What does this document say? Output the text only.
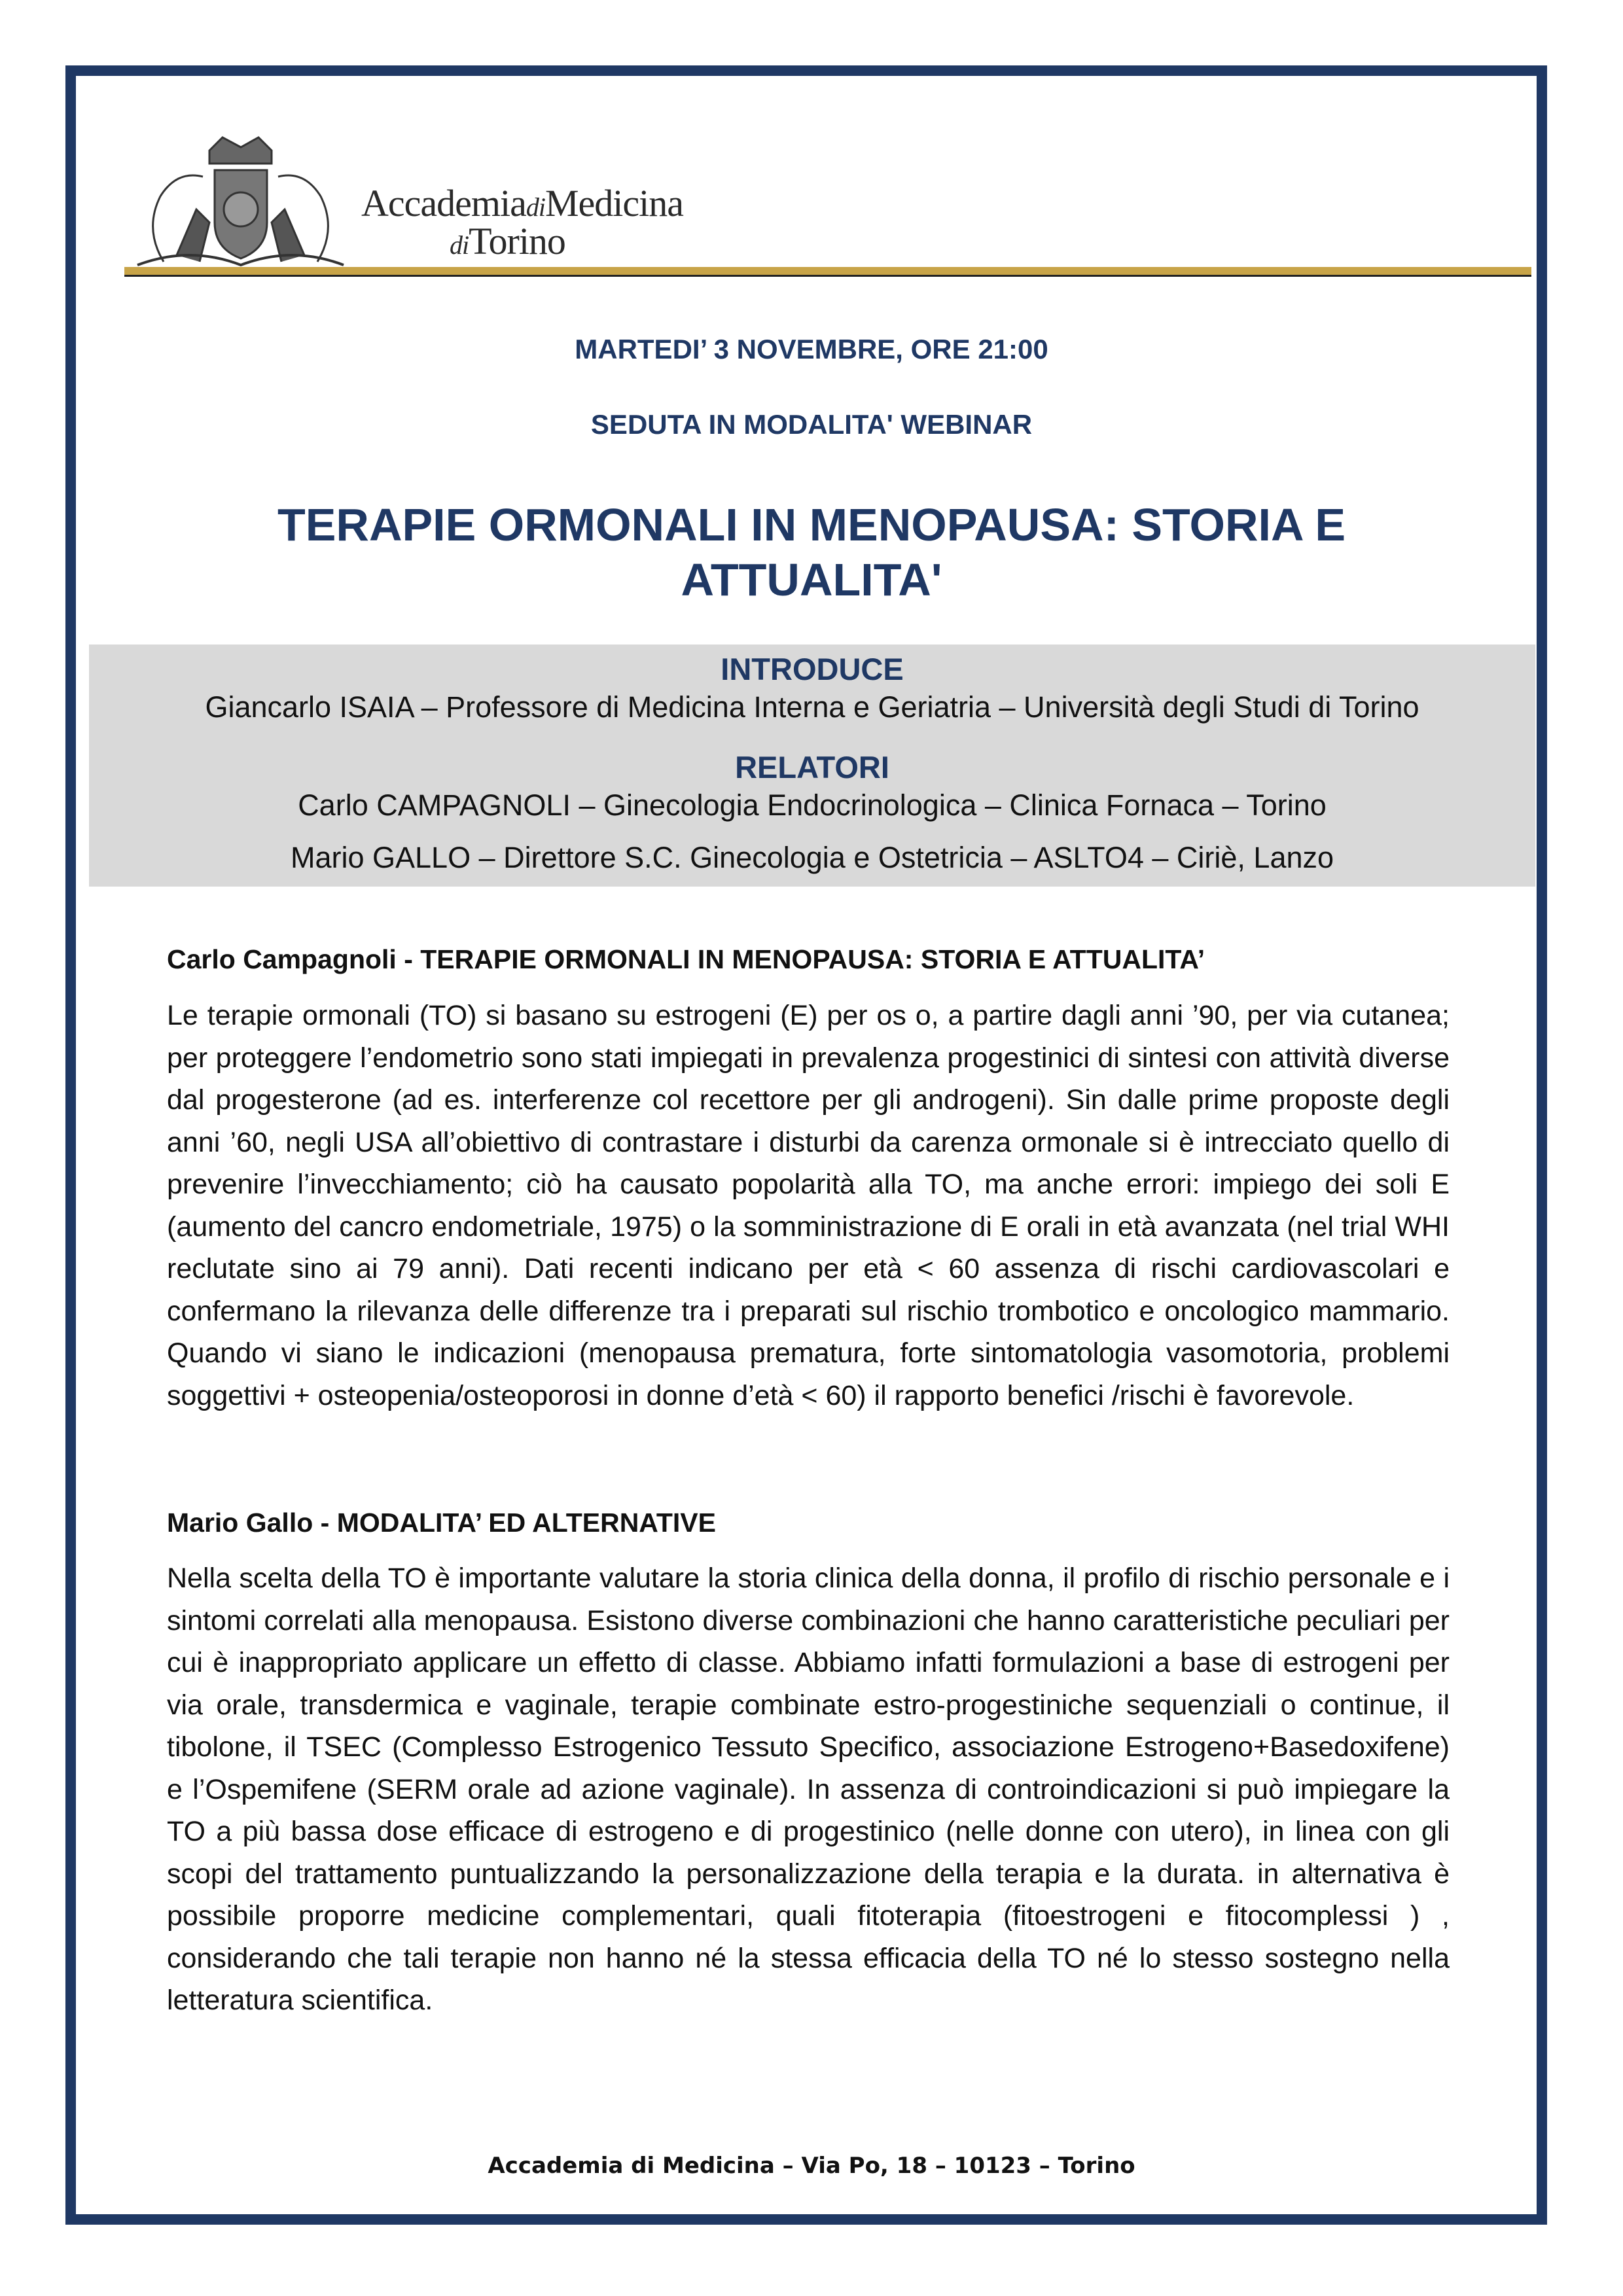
AccademiadiMedicina
diTorino
MARTEDI’ 3 NOVEMBRE, ORE 21:00
SEDUTA IN MODALITA' WEBINAR
TERAPIE ORMONALI IN MENOPAUSA: STORIA E
ATTUALITA'
INTRODUCE
Giancarlo ISAIA – Professore di Medicina Interna e Geriatria – Università degli Studi di Torino
RELATORI
Carlo CAMPAGNOLI – Ginecologia Endocrinologica – Clinica Fornaca – Torino
Mario GALLO – Direttore S.C. Ginecologia e Ostetricia – ASLTO4 – Ciriè, Lanzo
Carlo Campagnoli - TERAPIE ORMONALI IN MENOPAUSA: STORIA E ATTUALITA’
Le terapie ormonali (TO) si basano su estrogeni (E) per os o, a partire dagli anni ’90, per via cutanea; per proteggere l’endometrio sono stati impiegati in prevalenza progestinici di sintesi con attività diverse dal progesterone (ad es. interferenze col recettore per gli androgeni). Sin dalle prime proposte degli anni ’60, negli USA all’obiettivo di contrastare i disturbi da carenza ormonale si è intrecciato quello di prevenire l’invecchiamento; ciò ha causato popolarità alla TO, ma anche errori: impiego dei soli E (aumento del cancro endometriale, 1975) o la somministrazione di E orali in età avanzata (nel trial WHI reclutate sino ai 79 anni). Dati recenti indicano per età < 60 assenza di rischi cardiovascolari e confermano la rilevanza delle differenze tra i preparati sul rischio trombotico e oncologico mammario. Quando vi siano le indicazioni (menopausa prematura, forte sintomatologia vasomotoria, problemi soggettivi + osteopenia/osteoporosi in donne d’età < 60) il rapporto benefici /rischi è favorevole.
Mario Gallo - MODALITA’ ED ALTERNATIVE
Nella scelta della TO è importante valutare la storia clinica della donna, il profilo di rischio personale e i sintomi correlati alla menopausa. Esistono diverse combinazioni che hanno caratteristiche peculiari per cui è inappropriato applicare un effetto di classe. Abbiamo infatti formulazioni a base di estrogeni per via orale, transdermica e vaginale, terapie combinate estro-progestiniche sequenziali o continue, il tibolone, il TSEC (Complesso Estrogenico Tessuto Specifico, associazione Estrogeno+Basedoxifene) e l’Ospemifene (SERM orale ad azione vaginale). In assenza di controindicazioni si può impiegare la TO a più bassa dose efficace di estrogeno e di progestinico (nelle donne con utero), in linea con gli scopi del trattamento puntualizzando la personalizzazione della terapia e la durata. in alternativa è possibile proporre medicine complementari, quali fitoterapia (fitoestrogeni e fitocomplessi ) , considerando che tali terapie non hanno né la stessa efficacia della TO né lo stesso sostegno nella letteratura scientifica.
Accademia di Medicina – Via Po, 18 – 10123 – Torino
